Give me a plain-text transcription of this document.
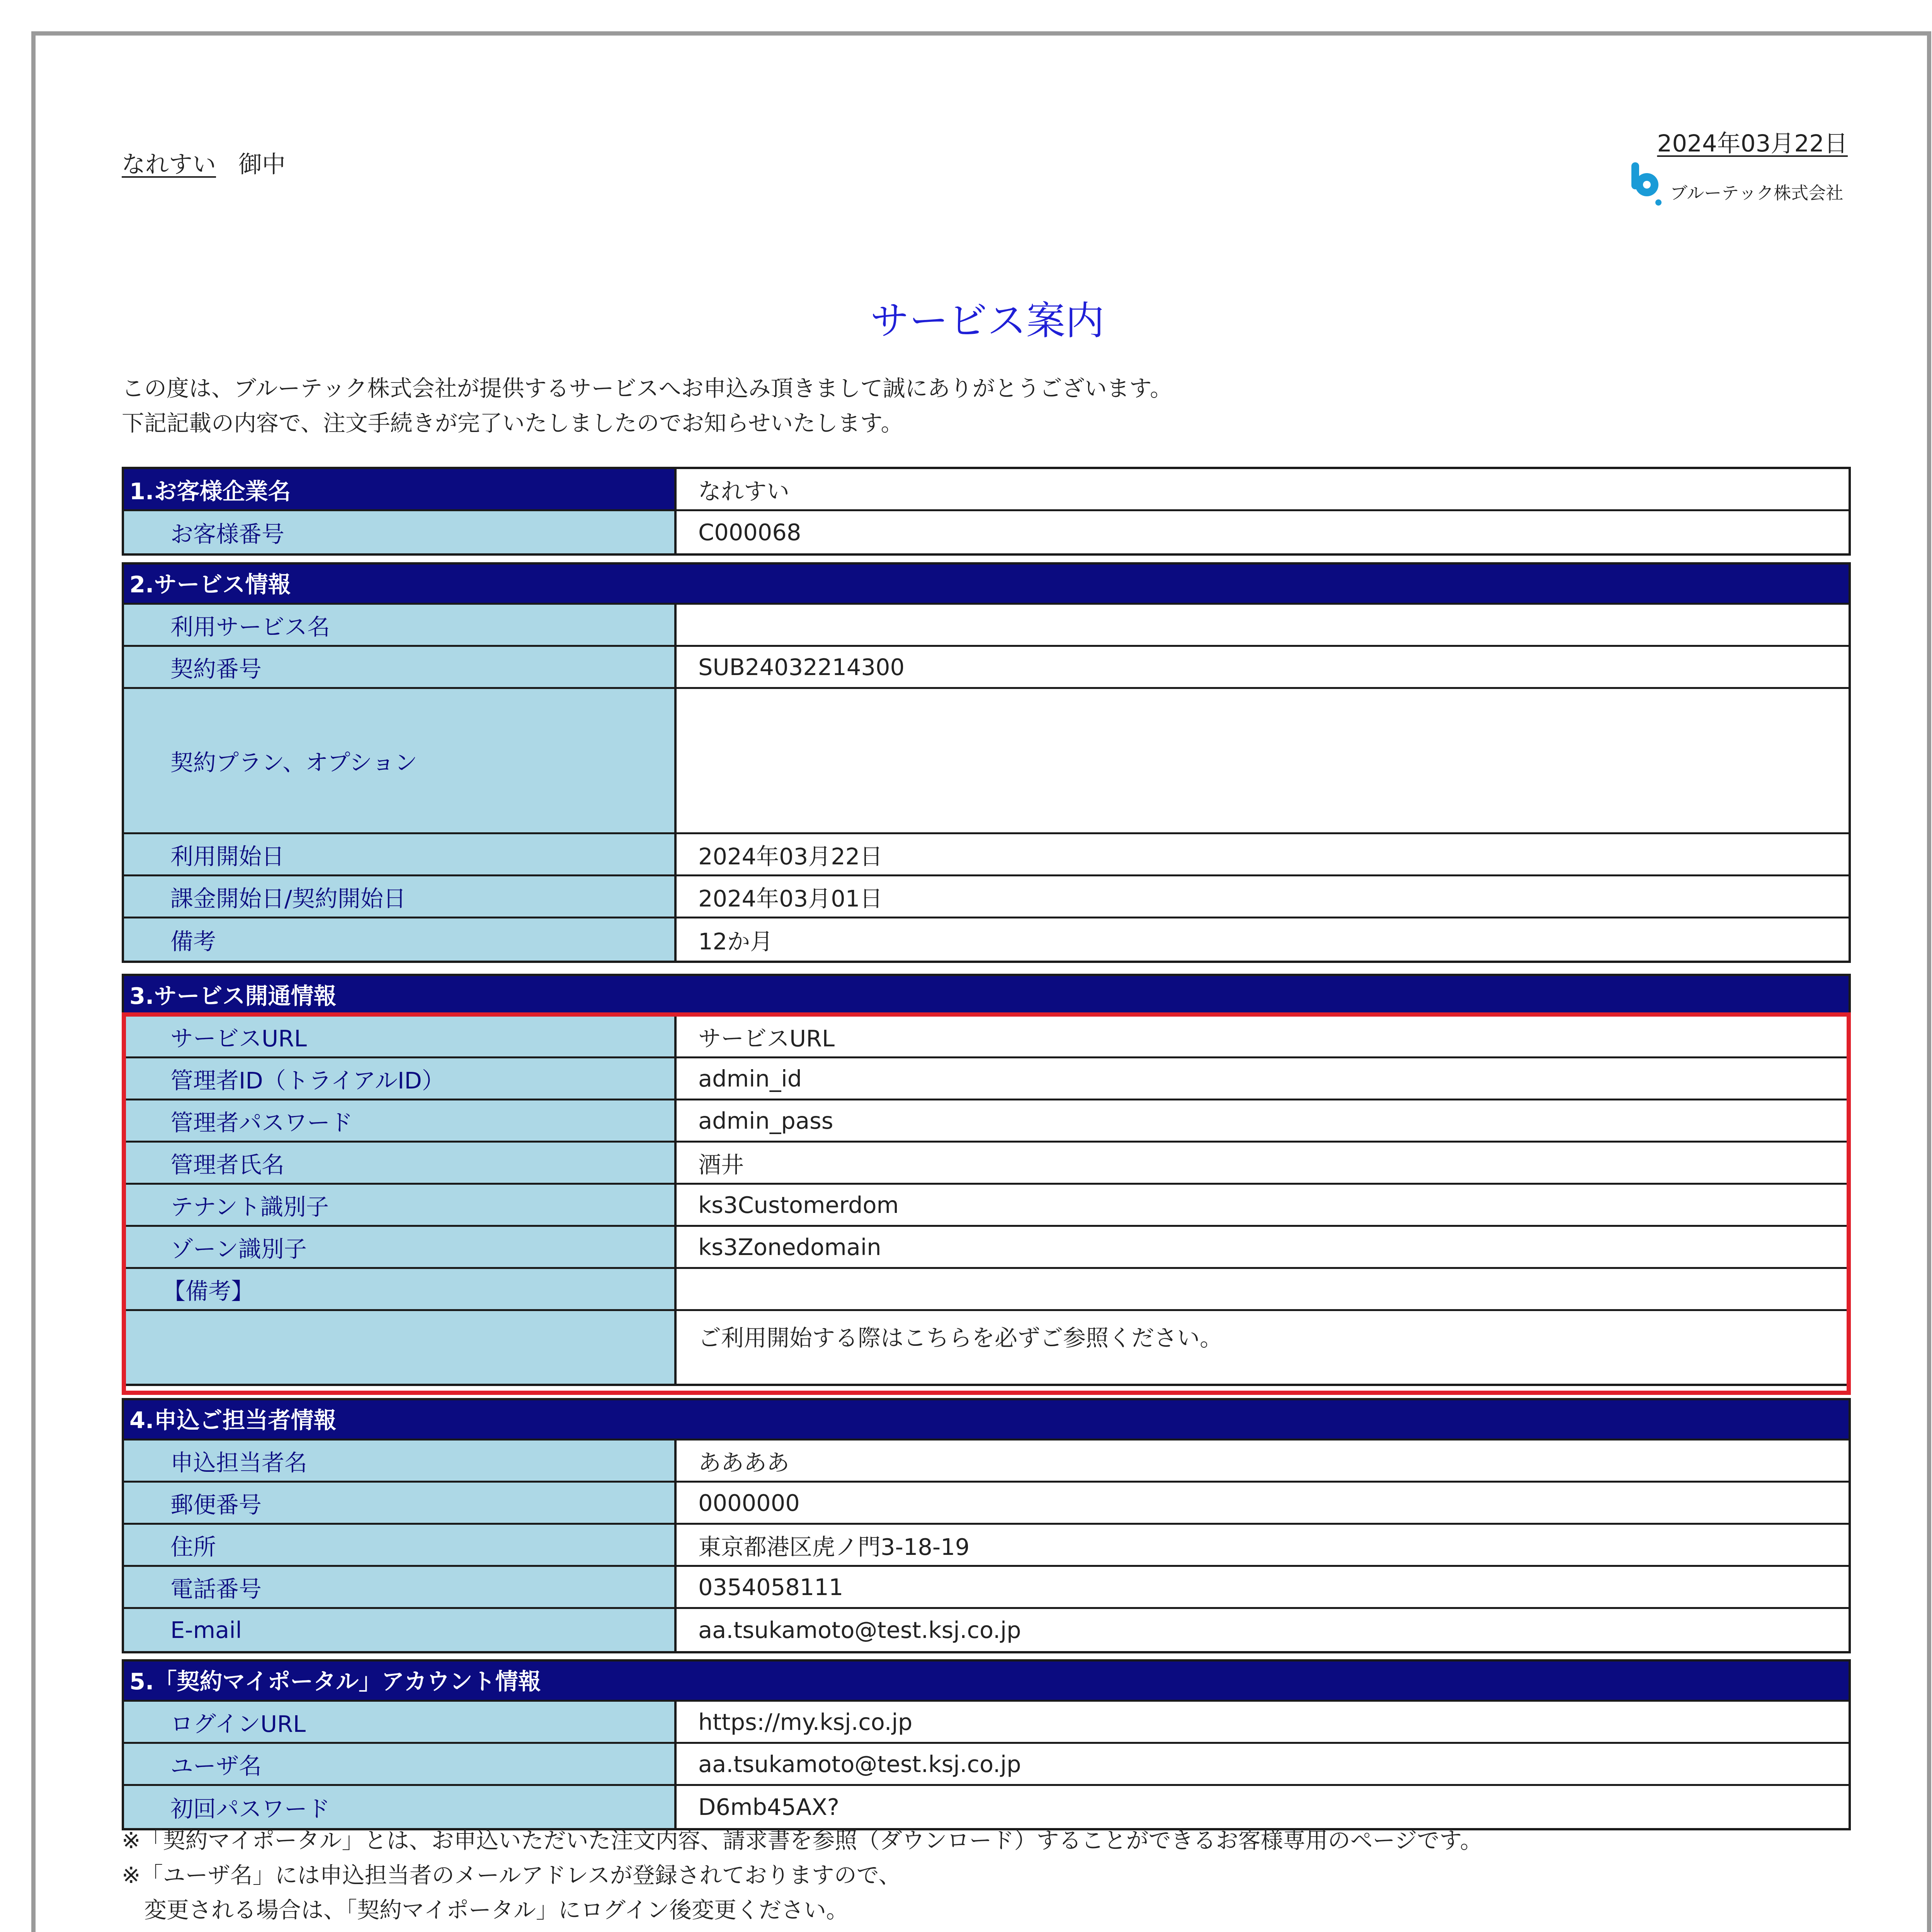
なれすい 御中
2024年03月22日
ブルーテック株式会社
サービス案内
この度は、ブルーテック株式会社が提供するサービスへお申込み頂きまして誠にありがとうございます。
下記記載の内容で、注文手続きが完了いたしましたのでお知らせいたします。
1.お客様企業名	なれすい
お客様番号	C000068
2.サービス情報
利用サービス名
契約番号	SUB24032214300
契約プラン、オプション
利用開始日	2024年03月22日
課金開始日/契約開始日	2024年03月01日
備考	12か月
3.サービス開通情報
サービスURL	サービスURL
管理者ID（トライアルID）	admin_id
管理者パスワード	admin_pass
管理者氏名	酒井
テナント識別子	ks3Customerdom
ゾーン識別子	ks3Zonedomain
【備考】
ご利用開始する際はこちらを必ずご参照ください。
4.申込ご担当者情報
申込担当者名	ああああ
郵便番号	0000000
住所	東京都港区虎ノ門3-18-19
電話番号	0354058111
E-mail	aa.tsukamoto@test.ksj.co.jp
5.「契約マイポータル」アカウント情報
ログインURL	https://my.ksj.co.jp
ユーザ名	aa.tsukamoto@test.ksj.co.jp
初回パスワード	D6mb45AX?
※「契約マイポータル」とは、お申込いただいた注文内容、請求書を参照（ダウンロード）することができるお客様専用のページです。
※「ユーザ名」には申込担当者のメールアドレスが登録されておりますので、
　変更される場合は、「契約マイポータル」にログイン後変更ください。
